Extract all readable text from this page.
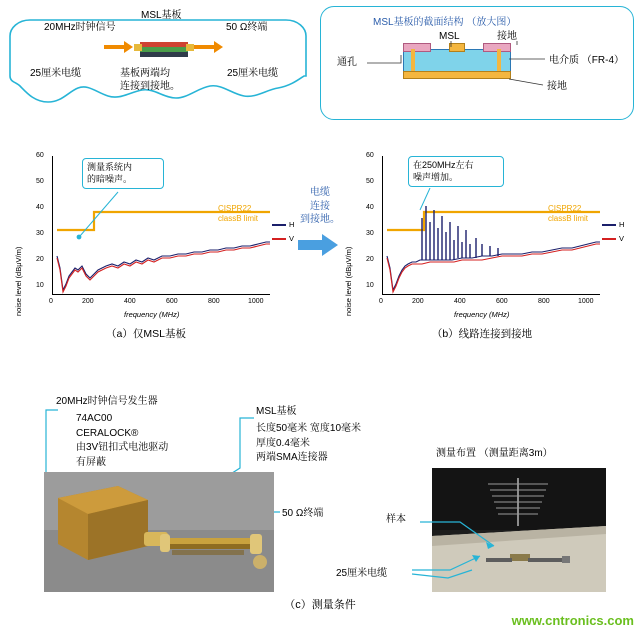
20MHz时钟信号
MSL基板
50 Ω终端
25厘米电缆	25厘米电缆
基板两端均
连接到接地。
MSL基板的截面结构 （放大图）
MSL	接地
通孔	电介质 （FR-4）
接地
noise level (dBμV/m)
60
50
40
30
20
10
0	200	400	600	800	1000
frequency (MHz)
测量系统内
的暗噪声。
CISPR22
classB limit
H
V
（a）仅MSL基板
noise level (dBμV/m)
60
50
40
30
20
10
0	200	400	600	800	1000
frequency (MHz)
在250MHz左右
噪声增加。
CISPR22
classB limit
H
V
（b）线路连接到接地
电缆
连接
到接地。
20MHz时钟信号发生器
74AC00
CERALOCK®
由3V钮扣式电池驱动
有屏蔽
MSL基板
长度50毫米 宽度10毫米
厚度0.4毫米
两端SMA连接器
50 Ω终端
测量布置 （测量距离3m）
样本
25厘米电缆
（c）测量条件
www.cntronics.com
